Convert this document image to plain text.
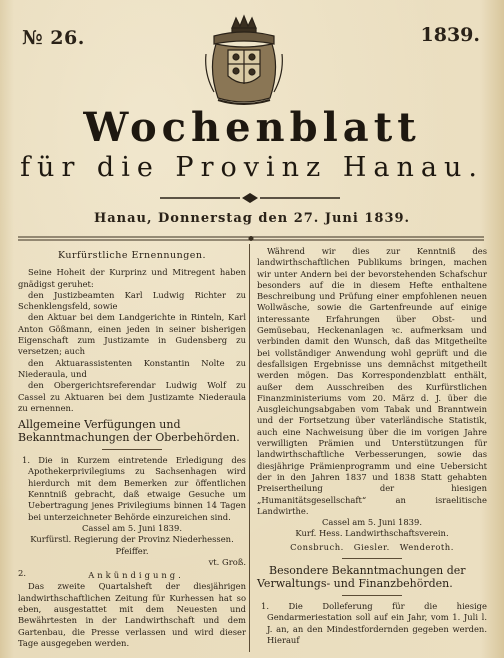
№ 26.	1839.
Wochenblatt
für die Provinz Hanau.
Hanau, Donnerstag den 27. Juni 1839.
Kurfürstliche Ernennungen.

Seine Hoheit der Kurprinz und Mitregent haben gnädigst geruhet:

den Justizbeamten Karl Ludwig Richter zu Schenklengsfeld, sowie

den Aktuar bei dem Landgerichte in Rinteln, Karl Anton Gößmann, einen jeden in seiner bisherigen Eigenschaft zum Justizamte in Gudensberg zu versetzen; auch

den Aktuarassistenten Konstantin Nolte zu Niederaula, und

den Obergerichtsreferendar Ludwig Wolf zu Cassel zu Aktuaren bei dem Justizamte Niederaula zu ernennen.

Allgemeine Verfügungen und Bekanntmachungen der Oberbehörden.

1. Die in Kurzem eintretende Erledigung des Apothekerprivilegiums zu Sachsenhagen wird hierdurch mit dem Bemerken zur öffentlichen Kenntniß gebracht, daß etwaige Gesuche um Uebertragung jenes Privilegiums binnen 14 Tagen bei unterzeichneter Behörde einzureichen sind.

Cassel am 5. Juni 1839.

Kurfürstl. Regierung der Provinz Niederhessen.

Pfeiffer.

vt. Groß.

2.	Ankündigung.

Das zweite Quartalsheft der diesjährigen landwirthschaftlichen Zeitung für Kurhessen hat so eben, ausgestattet mit dem Neuesten und Bewährtesten in der Landwirthschaft und dem Gartenbau, die Presse verlassen und wird dieser Tage ausgegeben werden.

Während wir dies zur Kenntniß des landwirthschaftlichen Publikums bringen, machen wir unter Andern bei der bevorstehenden Schafschur besonders auf die in diesem Hefte enthaltene Beschreibung und Prüfung einer empfohlenen neuen Wollwäsche, sowie die Gartenfreunde auf einige interessante Erfahrungen über Obst- und Gemüsebau, Heckenanlagen ꝛc. aufmerksam und verbinden damit den Wunsch, daß das Mitgetheilte bei vollständiger Anwendung wohl geprüft und die desfallsigen Ergebnisse uns demnächst mitgetheilt werden mögen. Das Korrespondenzblatt enthält, außer dem Ausschreiben des Kurfürstlichen Finanzministeriums vom 20. März d. J. über die Ausgleichungsabgaben vom Tabak und Branntwein und der Fortsetzung über vaterländische Statistik, auch eine Nachweisung über die im vorigen Jahre verwilligten Prämien und Unterstützungen für landwirthschaftliche Verbesserungen, sowie das diesjährige Prämienprogramm und eine Uebersicht der in den Jahren 1837 und 1838 Statt gehabten Preisertheilung der hiesigen „Humanitätsgesellschaft“ an israelitische Landwirthe.

Cassel am 5. Juni 1839.

Kurf. Hess. Landwirthschaftsverein.

Consbruch. Giesler. Wenderoth.
Besondere Bekanntmachungen der Verwaltungs- und Finanzbehörden.

1. Die Dolleferung für die hiesige Gendarmeriestation soll auf ein Jahr, vom 1. Juli l. J. an, an den Mindestfordernden gegeben werden. Hierauf
